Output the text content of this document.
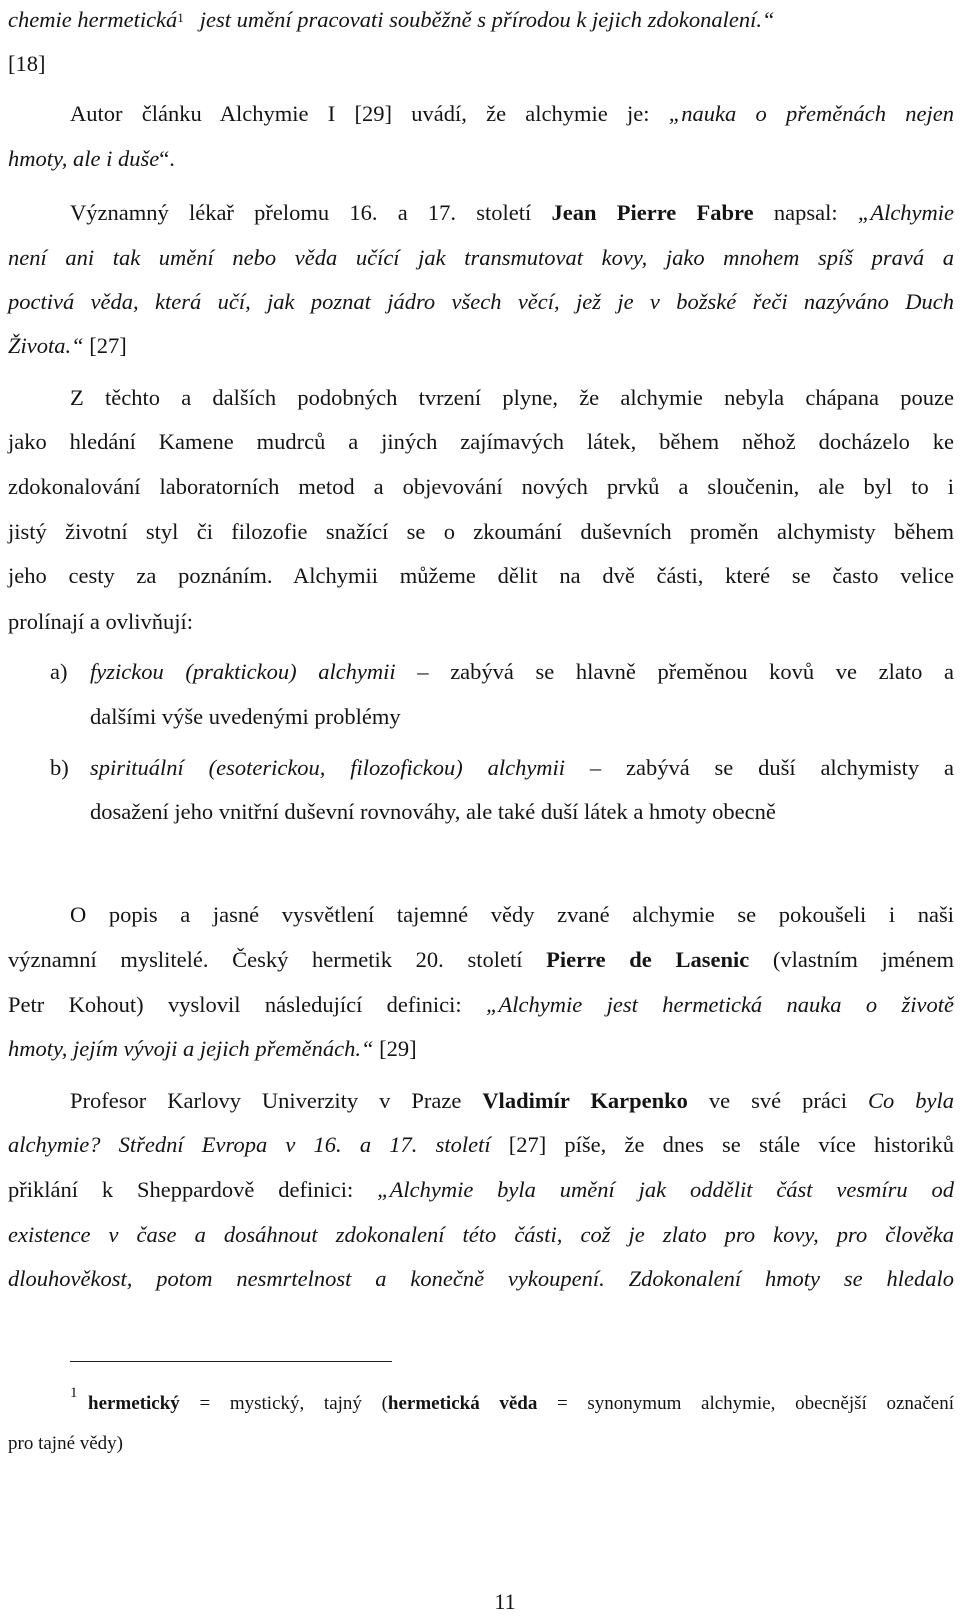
chemie hermetická$^1$ jest umění pracovati souběžně s přírodou k jejich zdokonalení.“
[18]
Autor článku Alchymie I [29] uvádí, že alchymie je: „nauka o přeměnách nejen
hmoty, ale i duše“.
Významný lékař přelomu 16. a 17. století Jean Pierre Fabre napsal: „Alchymie
není ani tak umění nebo věda učící jak transmutovat kovy, jako mnohem spíš pravá a
poctivá věda, která učí, jak poznat jádro všech věcí, jež je v božské řeči nazýváno Duch
Života.“ [27]
Z těchto a dalších podobných tvrzení plyne, že alchymie nebyla chápana pouze
jako hledání Kamene mudrců a jiných zajímavých látek, během něhož docházelo ke
zdokonalování laboratorních metod a objevování nových prvků a sloučenin, ale byl to i
jistý životní styl či filozofie snažící se o zkoumání duševních proměn alchymisty během
jeho cesty za poznáním. Alchymii můžeme dělit na dvě části, které se často velice
prolínají a ovlivňují:
a) fyzickou (praktickou) alchymii – zabývá se hlavně přeměnou kovů ve zlato a
dalšími výše uvedenými problémy
b) spirituální (esoterickou, filozofickou) alchymii – zabývá se duší alchymisty a
dosažení jeho vnitřní duševní rovnováhy, ale také duší látek a hmoty obecně
O popis a jasné vysvětlení tajemné vědy zvané alchymie se pokoušeli i naši
významní myslitelé. Český hermetik 20. století Pierre de Lasenic (vlastním jménem
Petr Kohout) vyslovil následující definici: „Alchymie jest hermetická nauka o životě
hmoty, jejím vývoji a jejich přeměnách.“ [29]
Profesor Karlovy Univerzity v Praze Vladimír Karpenko ve své práci Co byla
alchymie? Střední Evropa v 16. a 17. století [27] píše, že dnes se stále více historiků
přiklání k Sheppardově definici: „Alchymie byla umění jak oddělit část vesmíru od
existence v čase a dosáhnout zdokonalení této části, což je zlato pro kovy, pro člověka
dlouhověkost, potom nesmrtelnost a konečně vykoupení. Zdokonalení hmoty se hledalo
1 hermetický = mystický, tajný (hermetická věda = synonymum alchymie, obecnější označení
pro tajné vědy)
11
